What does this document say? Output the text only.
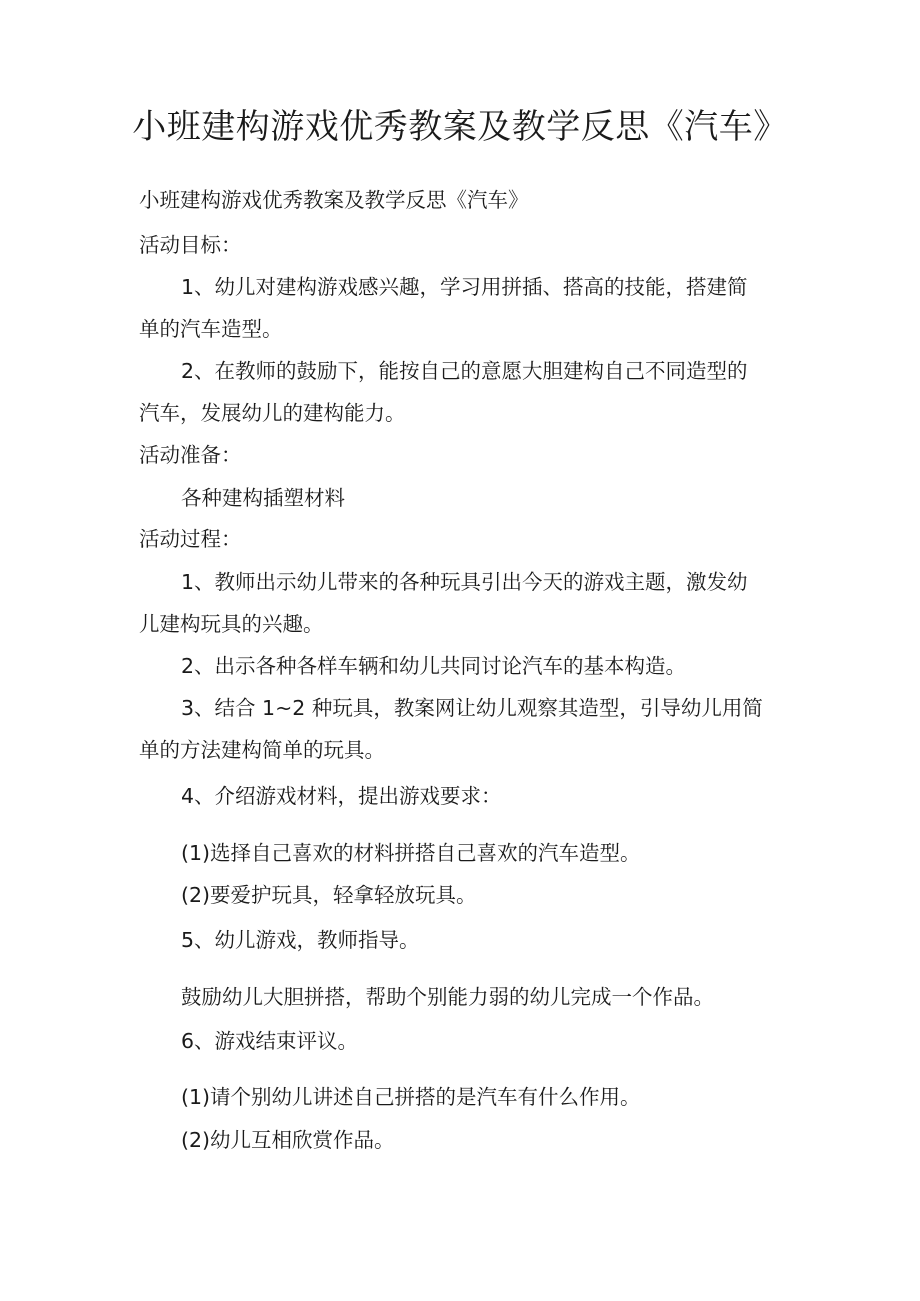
小班建构游戏优秀教案及教学反思《汽车》

小班建构游戏优秀教案及教学反思《汽车》

活动目标：

1、幼儿对建构游戏感兴趣，学习用拼插、搭高的技能，搭建简

单的汽车造型。

2、在教师的鼓励下，能按自己的意愿大胆建构自己不同造型的

汽车，发展幼儿的建构能力。

活动准备：

各种建构插塑材料

活动过程：

1、教师出示幼儿带来的各种玩具引出今天的游戏主题，激发幼

儿建构玩具的兴趣。

2、出示各种各样车辆和幼儿共同讨论汽车的基本构造。

3、结合 1~2 种玩具，教案网让幼儿观察其造型，引导幼儿用简

单的方法建构简单的玩具。

4、介绍游戏材料，提出游戏要求：

(1)选择自己喜欢的材料拼搭自己喜欢的汽车造型。

(2)要爱护玩具，轻拿轻放玩具。

5、幼儿游戏，教师指导。

鼓励幼儿大胆拼搭，帮助个别能力弱的幼儿完成一个作品。

6、游戏结束评议。

(1)请个别幼儿讲述自己拼搭的是汽车有什么作用。

(2)幼儿互相欣赏作品。
